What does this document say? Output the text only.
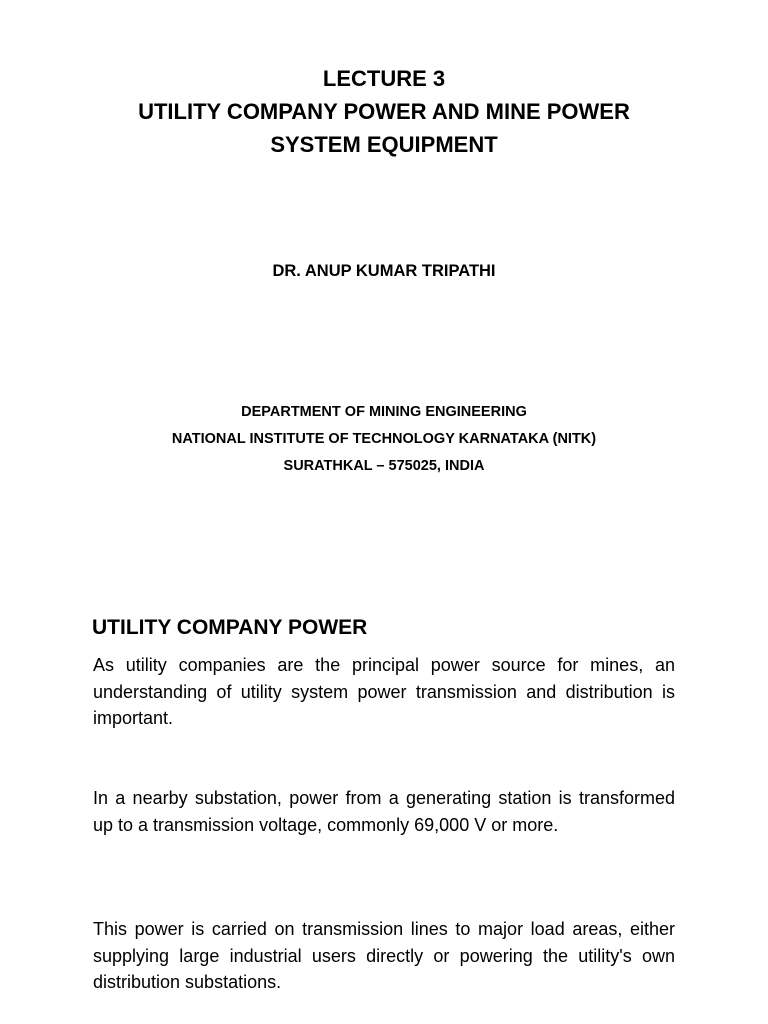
LECTURE 3
UTILITY COMPANY POWER AND MINE POWER
SYSTEM EQUIPMENT
DR. ANUP KUMAR TRIPATHI
DEPARTMENT OF MINING ENGINEERING
NATIONAL INSTITUTE OF TECHNOLOGY KARNATAKA (NITK)
SURATHKAL – 575025, INDIA
UTILITY COMPANY POWER

As utility companies are the principal power source for mines, an understanding of utility system power transmission and distribution is important.

In a nearby substation, power from a generating station is transformed up to a transmission voltage, commonly 69,000 V or more.

This power is carried on transmission lines to major load areas, either supplying large industrial users directly or powering the utility's own distribution substations.
